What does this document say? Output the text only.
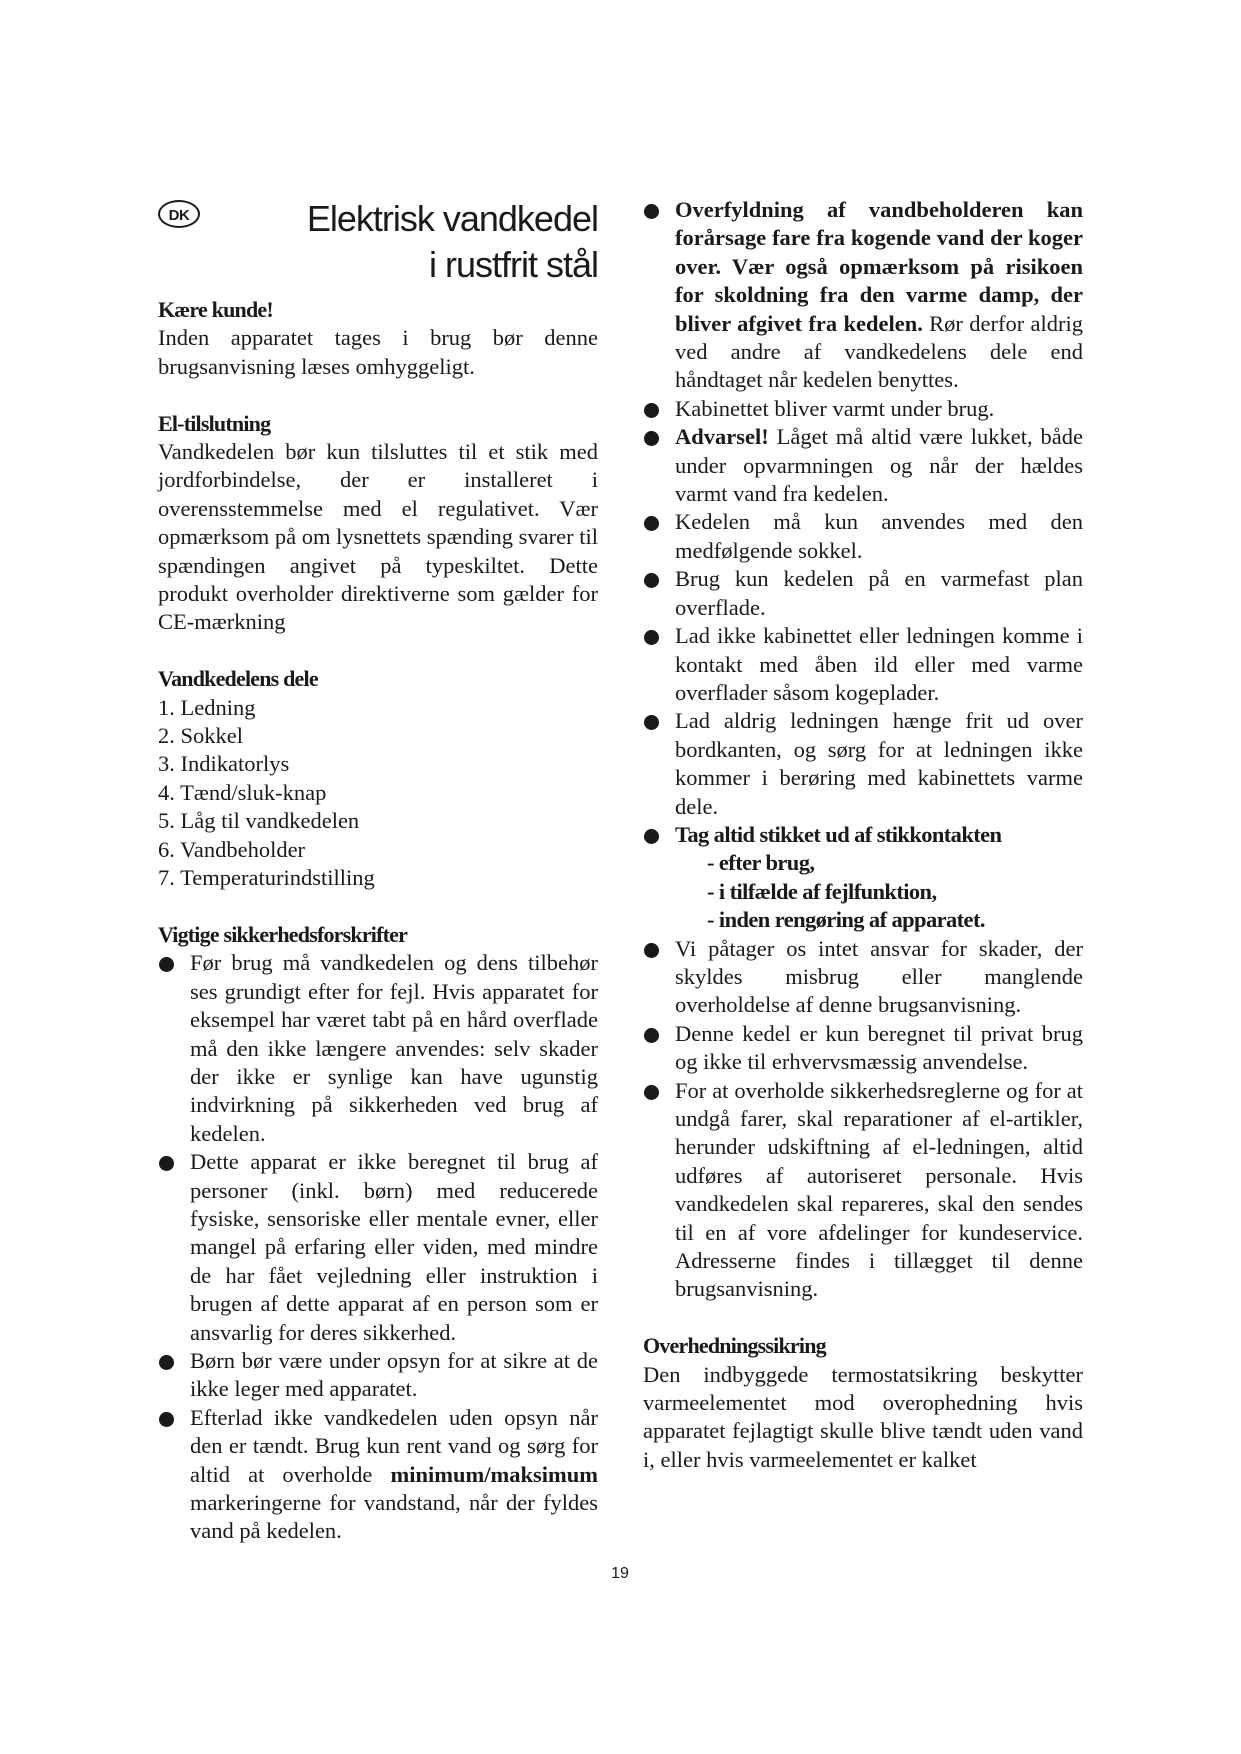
DK	Elektrisk vandkedel
i rustfrit stål
Kære kunde!

Inden apparatet tages i brug bør denne brugsanvisning læses omhyggeligt.

El-tilslutning

Vandkedelen bør kun tilsluttes til et stik med jordforbindelse, der er installeret i overensstemmelse med el regulativet. Vær opmærksom på om lysnettets spænding svarer til spændingen angivet på typeskiltet. Dette produkt overholder direktiverne som gælder for CE-mærkning

Vandkedelens dele
1. Ledning
2. Sokkel
3. Indikatorlys
4. Tænd/sluk-knap
5. Låg til vandkedelen
6. Vandbeholder
7. Temperaturindstilling
Vigtige sikkerhedsforskrifter
Før brug må vandkedelen og dens tilbehør ses grundigt efter for fejl. Hvis apparatet for eksempel har været tabt på en hård overflade må den ikke længere anvendes: selv skader der ikke er synlige kan have ugunstig indvirkning på sikkerheden ved brug af kedelen.
Dette apparat er ikke beregnet til brug af personer (inkl. børn) med reducerede fysiske, sensoriske eller mentale evner, eller mangel på erfaring eller viden, med mindre de har fået vejledning eller instruktion i brugen af dette apparat af en person som er ansvarlig for deres sikkerhed.
Børn bør være under opsyn for at sikre at de ikke leger med apparatet.
Efterlad ikke vandkedelen uden opsyn når den er tændt. Brug kun rent vand og sørg for altid at overholde minimum/maksimum markeringerne for vandstand, når der fyldes vand på kedelen.
Overfyldning af vandbeholderen kan forårsage fare fra kogende vand der koger over. Vær også opmærksom på risikoen for skoldning fra den varme damp, der bliver afgivet fra kedelen. Rør derfor aldrig ved andre af vandkedelens dele end håndtaget når kedelen benyttes.
Kabinettet bliver varmt under brug.
Advarsel! Låget må altid være lukket, både under opvarmningen og når der hældes varmt vand fra kedelen.
Kedelen må kun anvendes med den medfølgende sokkel.
Brug kun kedelen på en varmefast plan overflade.
Lad ikke kabinettet eller ledningen komme i kontakt med åben ild eller med varme overflader såsom kogeplader.
Lad aldrig ledningen hænge frit ud over bordkanten, og sørg for at ledningen ikke kommer i berøring med kabinettets varme dele.
Tag altid stikket ud af stikkontakten
- efter brug,
- i tilfælde af fejlfunktion,
- inden rengøring af apparatet.
Vi påtager os intet ansvar for skader, der skyldes misbrug eller manglende overholdelse af denne brugsanvisning.
Denne kedel er kun beregnet til privat brug og ikke til erhvervsmæssig anvendelse.
For at overholde sikkerhedsreglerne og for at undgå farer, skal reparationer af el-artikler, herunder udskiftning af el-ledningen, altid udføres af autoriseret personale. Hvis vandkedelen skal repareres, skal den sendes til en af vore afdelinger for kundeservice. Adresserne findes i tillægget til denne brugsanvisning.
Overhedningssikring

Den indbyggede termostatsikring beskytter varmeelementet mod overophedning hvis apparatet fejlagtigt skulle blive tændt uden vand i, eller hvis varmeelementet er kalket

19
